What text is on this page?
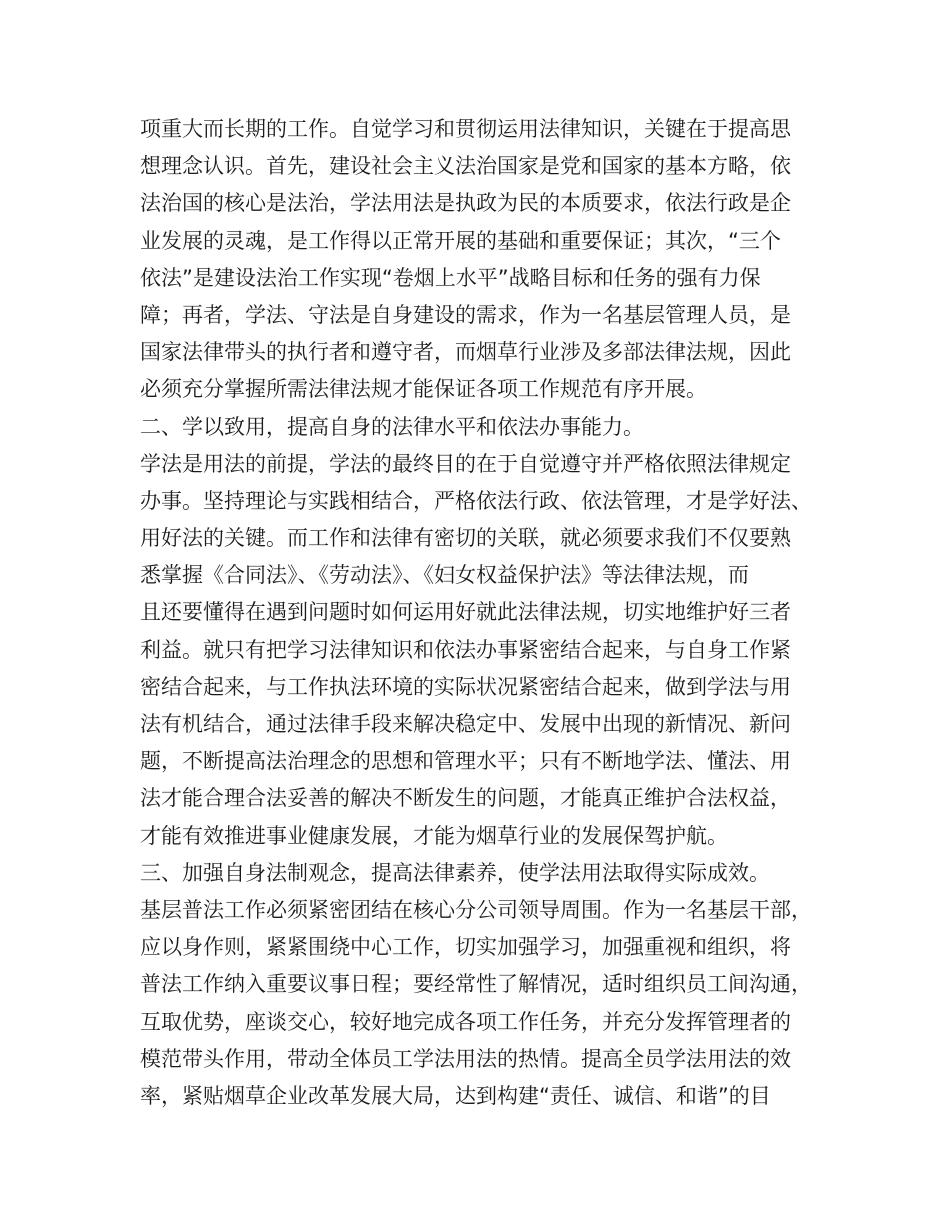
项重大而长期的工作。自觉学习和贯彻运用法律知识，关键在于提高思
想理念认识。首先，建设社会主义法治国家是党和国家的基本方略，依
法治国的核心是法治，学法用法是执政为民的本质要求，依法行政是企
业发展的灵魂，是工作得以正常开展的基础和重要保证；其次，“三个
依法”是建设法治工作实现“卷烟上水平”战略目标和任务的强有力保
障；再者，学法、守法是自身建设的需求，作为一名基层管理人员，是
国家法律带头的执行者和遵守者，而烟草行业涉及多部法律法规，因此
必须充分掌握所需法律法规才能保证各项工作规范有序开展。
二、学以致用，提高自身的法律水平和依法办事能力。
学法是用法的前提，学法的最终目的在于自觉遵守并严格依照法律规定
办事。坚持理论与实践相结合，严格依法行政、依法管理，才是学好法、
用好法的关键。而工作和法律有密切的关联，就必须要求我们不仅要熟
悉掌握《合同法》、《劳动法》、《妇女权益保护法》等法律法规，而
且还要懂得在遇到问题时如何运用好就此法律法规，切实地维护好三者
利益。就只有把学习法律知识和依法办事紧密结合起来，与自身工作紧
密结合起来，与工作执法环境的实际状况紧密结合起来，做到学法与用
法有机结合，通过法律手段来解决稳定中、发展中出现的新情况、新问
题，不断提高法治理念的思想和管理水平；只有不断地学法、懂法、用
法才能合理合法妥善的解决不断发生的问题，才能真正维护合法权益，
才能有效推进事业健康发展，才能为烟草行业的发展保驾护航。
三、加强自身法制观念，提高法律素养，使学法用法取得实际成效。
基层普法工作必须紧密团结在核心分公司领导周围。作为一名基层干部，
应以身作则，紧紧围绕中心工作，切实加强学习，加强重视和组织，将
普法工作纳入重要议事日程；要经常性了解情况，适时组织员工间沟通，
互取优势，座谈交心，较好地完成各项工作任务，并充分发挥管理者的
模范带头作用，带动全体员工学法用法的热情。提高全员学法用法的效
率，紧贴烟草企业改革发展大局，达到构建“责任、诚信、和谐”的目
